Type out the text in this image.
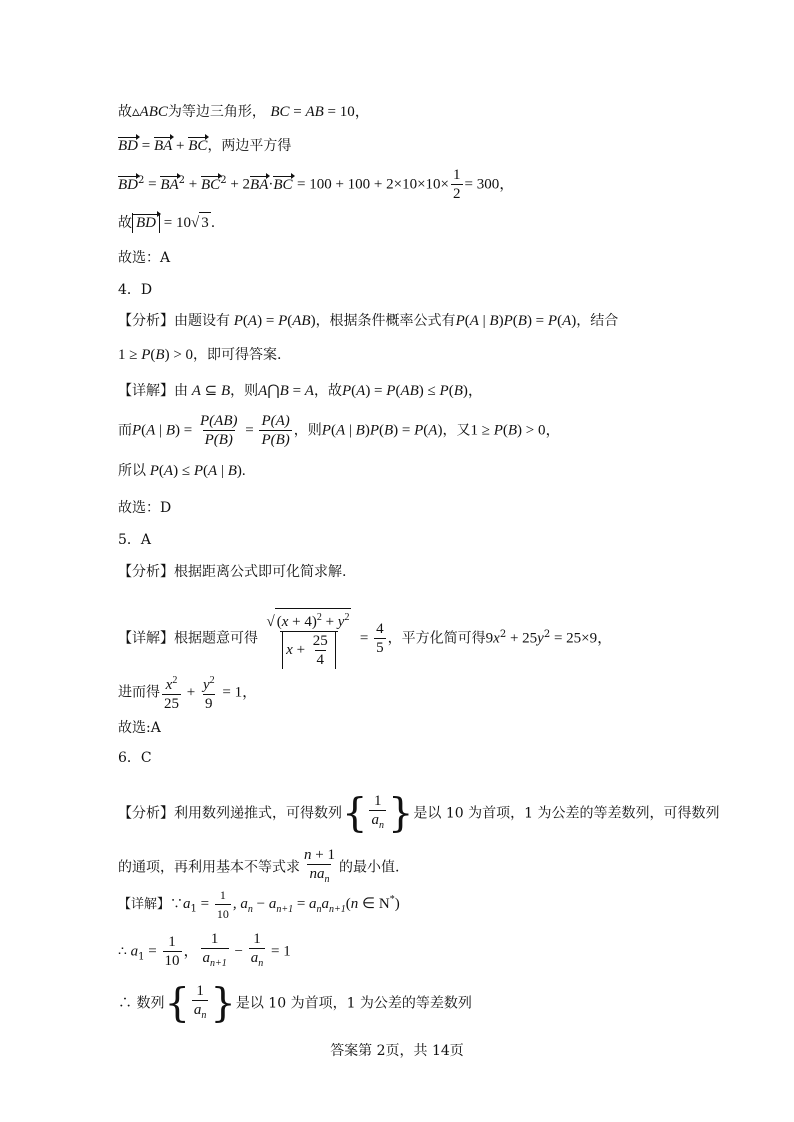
故▵ABC为等边三角形， BC = AB = 10，
BD = BA + BC，两边平方得
$BD^2 = BA^2 + BC^2 + 2BA\cdot BC = 100 + 100 + 2\times 10\times 10\times \frac{1}{2} = 300$，
故 BD = 10√ 3 .
故选：A
4．D
【分析】由题设有 P(A) = P(AB)，根据条件概率公式有P(A | B)P(B) = P(A)，结合
1 ≥ P(B) > 0，即可得答案.
【详解】由 A ⊆ B，则A⋂B = A，故P(A) = P(AB) ≤ P(B)，
而P(A | $B) = \frac{P(AB)}{P(B)} = \frac{P(A)}{P(B)}$ ，则P(A | B)P(B) = P(A)，又1 ≥ P(B) > 0，
所以 P(A) ≤ P(A | B).
故选：D
5．A
【分析】根据距离公式即可化简求解.
【详解】根据题意可得 $\frac{√ (x + 4)^2 + y^2}{x + \frac{25}{4}} = \frac{4}{5}$ ，平方化简可得$9x^2 + 25y^2 = 25\times 9$，
进而得 $\frac{x^2}{25} + \frac{y^2}{9} = 1$，
故选:A
6．C
【分析】利用数列递推式，可得数列{ $\frac{1}{a_n}$ }是以 10 为首项，1 为公差的等差数列，可得数列
的通项，再利用基本不等式求 $\frac{n + 1}{na_n}$ 的最小值.
【详解】$\because a_1 = \frac{1}{10}$ , $a_n - a_{n+1} = a_na_{n+1}(n$ ∈ N*)
∴ $a_1 = \frac{1}{10}$ ， $\frac{1}{a_{n+1}} - \frac{1}{a_n} = 1$
∴ 数列{ $\frac{1}{a_n}$ }是以 10 为首项，1 为公差的等差数列
答案第 2页，共 14页
